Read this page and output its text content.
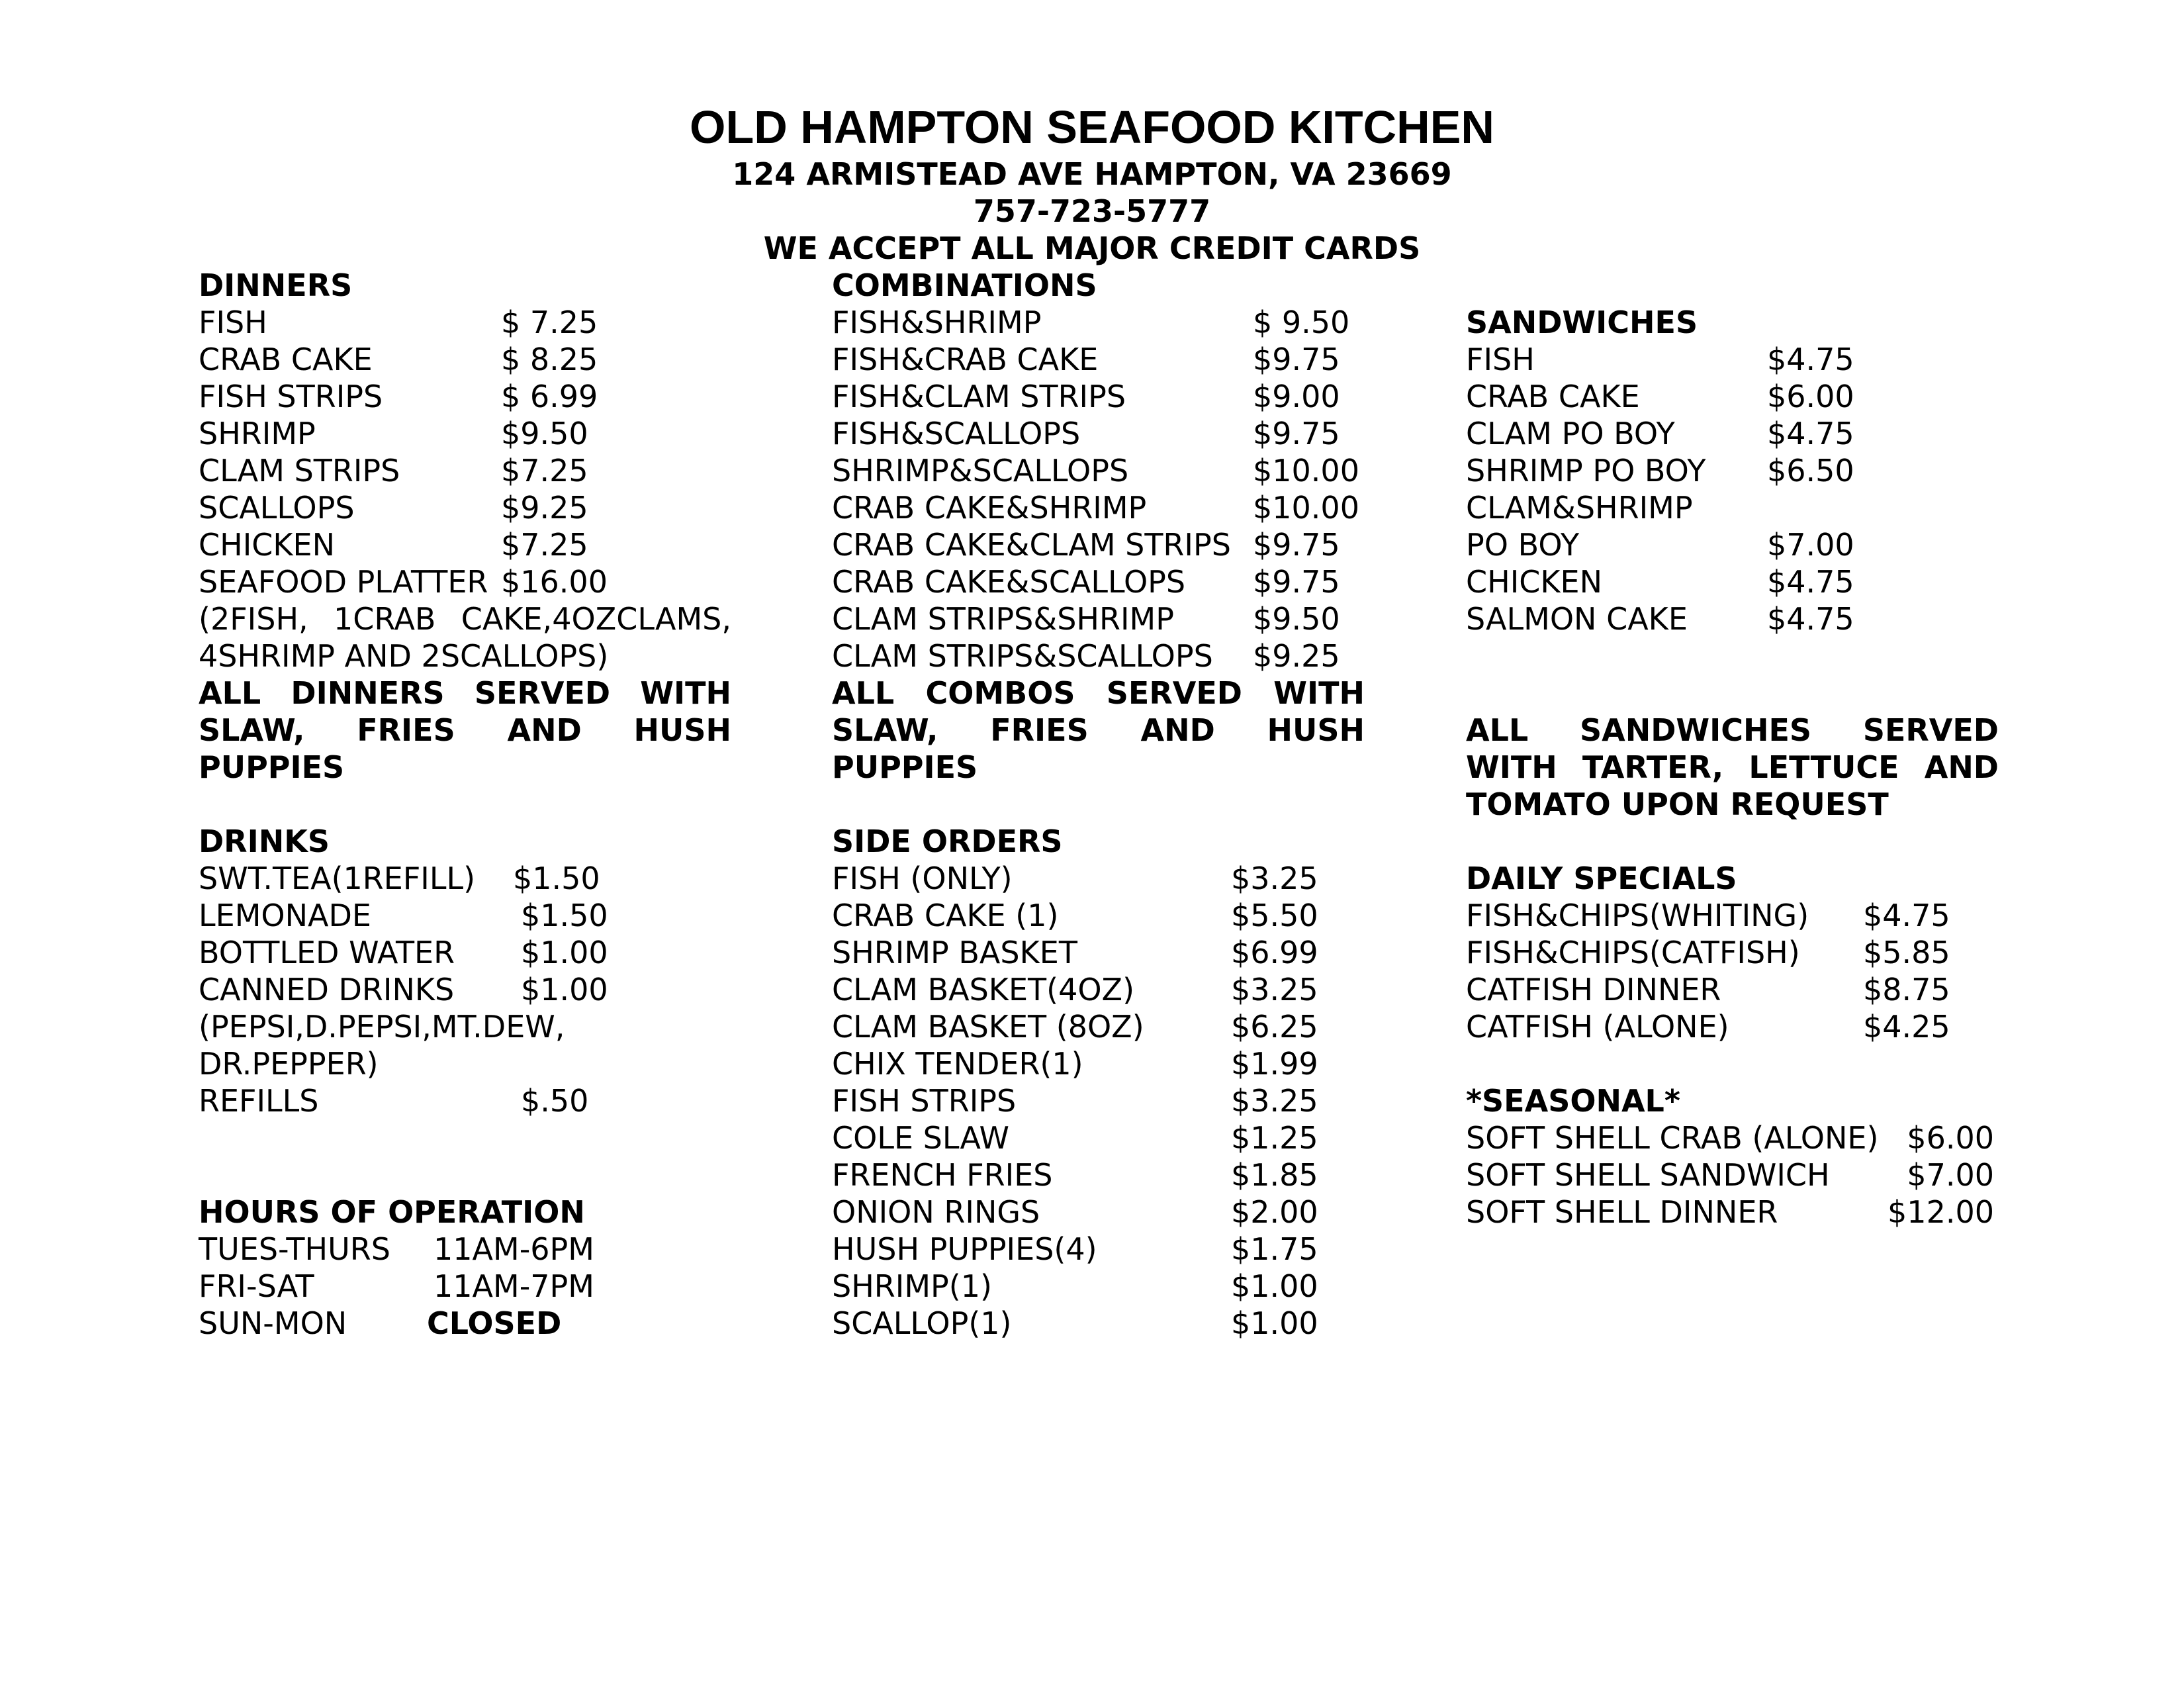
OLD HAMPTON SEAFOOD KITCHEN
124 ARMISTEAD AVE HAMPTON, VA 23669
757-723-5777
WE ACCEPT ALL MAJOR CREDIT CARDS
DINNERS
FISH	$ 7.25
CRAB CAKE	$ 8.25
FISH STRIPS	$ 6.99
SHRIMP	$9.50
CLAM STRIPS	$7.25
SCALLOPS	$9.25
CHICKEN	$7.25
SEAFOOD PLATTER $16.00
(2FISH, 1CRAB CAKE,4OZCLAMS,
4SHRIMP AND 2SCALLOPS)
ALL DINNERS SERVED WITH
SLAW, FRIES AND HUSH
PUPPIES
DRINKS
SWT.TEA(1REFILL) $1.50
LEMONADE	$1.50
BOTTLED WATER $1.00
CANNED DRINKS $1.00
(PEPSI,D.PEPSI,MT.DEW,
DR.PEPPER)
REFILLS	$.50
HOURS OF OPERATION
TUES-THURS 11AM-6PM
FRI-SAT	11AM-7PM
SUN-MON	CLOSED
COMBINATIONS
FISH&SHRIMP	$ 9.50
FISH&CRAB CAKE	$9.75
FISH&CLAM STRIPS	$9.00
FISH&SCALLOPS	$9.75
SHRIMP&SCALLOPS	$10.00
CRAB CAKE&SHRIMP	$10.00
CRAB CAKE&CLAM STRIPS $9.75
CRAB CAKE&SCALLOPS $9.75
CLAM STRIPS&SHRIMP	$9.50
CLAM STRIPS&SCALLOPS $9.25
ALL COMBOS SERVED WITH
SLAW, FRIES AND HUSH
PUPPIES
SIDE ORDERS
FISH (ONLY)	$3.25
CRAB CAKE (1)	$5.50
SHRIMP BASKET	$6.99
CLAM BASKET(4OZ)	$3.25
CLAM BASKET (8OZ)	$6.25
CHIX TENDER(1)	$1.99
FISH STRIPS	$3.25
COLE SLAW	$1.25
FRENCH FRIES	$1.85
ONION RINGS	$2.00
HUSH PUPPIES(4)	$1.75
SHRIMP(1)	$1.00
SCALLOP(1)	$1.00
SANDWICHES
FISH	$4.75
CRAB CAKE	$6.00
CLAM PO BOY	$4.75
SHRIMP PO BOY $6.50
CLAM&SHRIMP
PO BOY	$7.00
CHICKEN	$4.75
SALMON CAKE	$4.75
ALL SANDWICHES SERVED
WITH TARTER, LETTUCE AND
TOMATO UPON REQUEST
DAILY SPECIALS
FISH&CHIPS(WHITING) $4.75
FISH&CHIPS(CATFISH) $5.85
CATFISH DINNER	$8.75
CATFISH (ALONE)	$4.25
*SEASONAL*
SOFT SHELL CRAB (ALONE) $6.00
SOFT SHELL SANDWICH	$7.00
SOFT SHELL DINNER	$12.00
